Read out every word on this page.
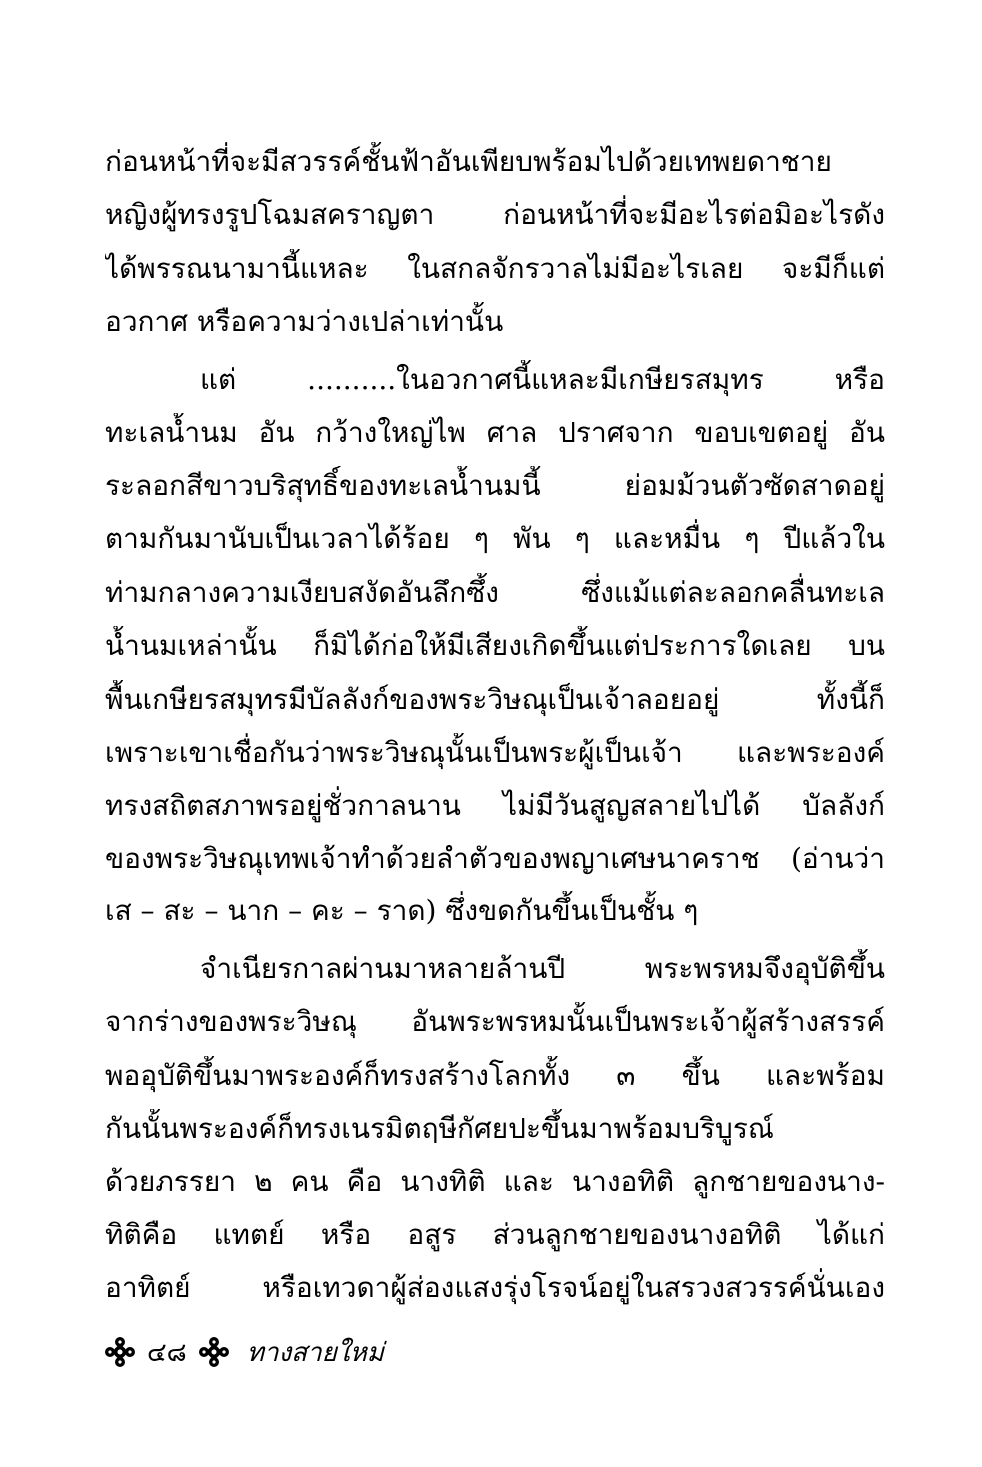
ก่อนหน้าที่จะมีสวรรค์ชั้นฟ้าอันเพียบพร้อมไปด้วยเทพยดาชาย
หญิงผู้ทรงรูปโฉมสคราญตา ก่อนหน้าที่จะมีอะไรต่อมิอะไรดัง
ได้พรรณนามานี้แหละ ในสกลจักรวาลไม่มีอะไรเลย จะมีก็แต่
อวกาศ หรือความว่างเปล่าเท่านั้น
แต่ ..........ในอวกาศนี้แหละมีเกษียรสมุทร หรือ
ทะเลน้ำนม อัน กว้างใหญ่ไพ ศาล ปราศจาก ขอบเขตอยู่ อัน
ระลอกสีขาวบริสุทธิ์ของทะเลน้ำนมนี้ ย่อมม้วนตัวซัดสาดอยู่
ตามกันมานับเป็นเวลาได้ร้อย ๆ พัน ๆ และหมื่น ๆ ปีแล้วใน
ท่ามกลางความเงียบสงัดอันลึกซึ้ง ซึ่งแม้แต่ละลอกคลื่นทะเล
น้ำนมเหล่านั้น ก็มิได้ก่อให้มีเสียงเกิดขึ้นแต่ประการใดเลย บน
พื้นเกษียรสมุทรมีบัลลังก์ของพระวิษณุเป็นเจ้าลอยอยู่ ทั้งนี้ก็
เพราะเขาเชื่อกันว่าพระวิษณุนั้นเป็นพระผู้เป็นเจ้า และพระองค์
ทรงสถิตสภาพรอยู่ชั่วกาลนาน ไม่มีวันสูญสลายไปได้ บัลลังก์
ของพระวิษณุเทพเจ้าทำด้วยลำตัวของพญาเศษนาคราช (อ่านว่า
เส – สะ – นาก – คะ – ราด) ซึ่งขดกันขึ้นเป็นชั้น ๆ
จำเนียรกาลผ่านมาหลายล้านปี พระพรหมจึงอุบัติขึ้น
จากร่างของพระวิษณุ อันพระพรหมนั้นเป็นพระเจ้าผู้สร้างสรรค์
พออุบัติขึ้นมาพระองค์ก็ทรงสร้างโลกทั้ง ๓ ขึ้น และพร้อม
กันนั้นพระองค์ก็ทรงเนรมิตฤษีกัศยปะขึ้นมาพร้อมบริบูรณ์
ด้วยภรรยา ๒ คน คือ นางทิติ และ นางอทิติ ลูกชายของนาง-
ทิติคือ แทตย์ หรือ อสูร ส่วนลูกชายของนางอทิติ ได้แก่
อาทิตย์ หรือเทวดาผู้ส่องแสงรุ่งโรจน์อยู่ในสรวงสวรรค์นั่นเอง
๔๘ ทางสายใหม่
